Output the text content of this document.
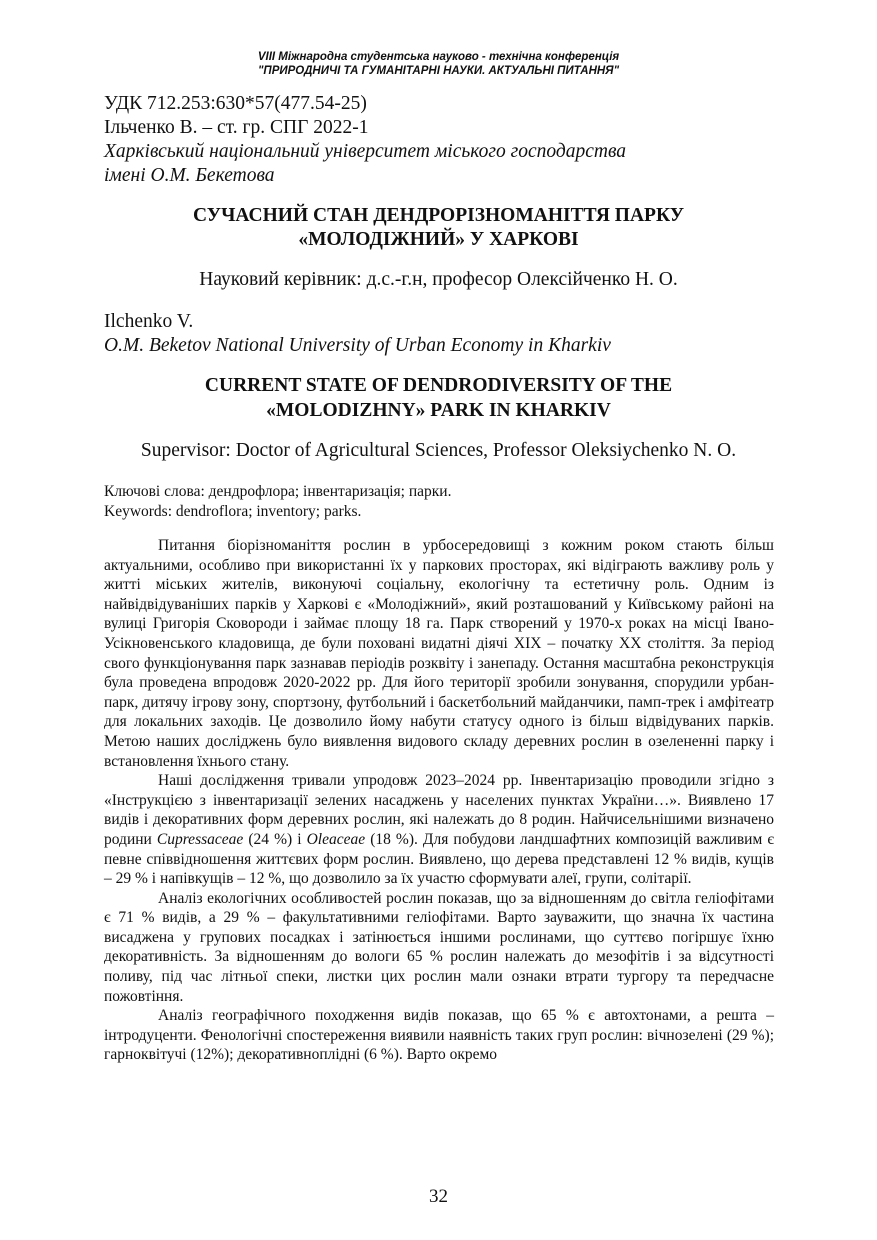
VIII Міжнародна студентська науково - технічна конференція
"ПРИРОДНИЧІ ТА ГУМАНІТАРНІ НАУКИ. АКТУАЛЬНІ ПИТАННЯ"
УДК 712.253:630*57(477.54-25)
Ільченко В. – ст. гр. СПГ 2022-1
Харківський національний університет міського господарства
імені О.М. Бекетова
СУЧАСНИЙ СТАН ДЕНДРОРІЗНОМАНІТТЯ ПАРКУ
«МОЛОДІЖНИЙ» У ХАРКОВІ
Науковий керівник: д.с.-г.н, професор Олексійченко Н. О.
Ilchenko V.
O.M. Beketov National University of Urban Economy in Kharkiv
CURRENT STATE OF DENDRODIVERSITY OF THE
«MOLODIZHNY» PARK IN KHARKIV
Supervisor: Doctor of Agricultural Sciences, Professor Oleksiychenko N. O.
Ключові слова: дендрофлора; інвентаризація; парки.
Keywords: dendroflora; inventory; parks.

Питання біорізноманіття рослин в урбосередовищі з кожним роком стають більш актуальними, особливо при використанні їх у паркових просторах, які відіграють важливу роль у житті міських жителів, виконуючі соціальну, екологічну та естетичну роль. Одним із найвідвідуваніших парків у Харкові є «Молодіжний», який розташований у Київському районі на вулиці Григорія Сковороди і займає площу 18 га. Парк створений у 1970-х роках на місці Івано-Усікновенського кладовища, де були поховані видатні діячі XIX – початку XX століття. За період свого функціонування парк зазнавав періодів розквіту і занепаду. Остання масштабна реконструкція була проведена впродовж 2020-2022 рр. Для його території зробили зонування, спорудили урбан-парк, дитячу ігрову зону, спортзону, футбольний і баскетбольний майданчики, памп-трек і амфітеатр для локальних заходів. Це дозволило йому набути статусу одного із більш відвідуваних парків. Метою наших досліджень було виявлення видового складу деревних рослин в озелененні парку і встановлення їхнього стану.

Наші дослідження тривали упродовж 2023–2024 рр. Інвентаризацію проводили згідно з «Інструкцією з інвентаризації зелених насаджень у населених пунктах України…». Виявлено 17 видів і декоративних форм деревних рослин, які належать до 8 родин. Найчисельнішими визначено родини Cupressaceae (24 %) і Oleaceae (18 %). Для побудови ландшафтних композицій важливим є певне співвідношення життєвих форм рослин. Виявлено, що дерева представлені 12 % видів, кущів – 29 % і напівкущів – 12 %, що дозволило за їх участю сформувати алеї, групи, солітарії.

Аналіз екологічних особливостей рослин показав, що за відношенням до світла геліофітами є 71 % видів, а 29 % – факультативними геліофітами. Варто зауважити, що значна їх частина висаджена у групових посадках і затінюється іншими рослинами, що суттєво погіршує їхню декоративність. За відношенням до вологи 65 % рослин належать до мезофітів і за відсутності поливу, під час літньої спеки, листки цих рослин мали ознаки втрати тургору та передчасне пожовтіння.

Аналіз географічного походження видів показав, що 65 % є автохтонами, а решта – інтродуценти. Фенологічні спостереження виявили наявність таких груп рослин: вічнозелені (29 %); гарноквітучі (12%); декоративноплідні (6 %). Варто окремо

32
